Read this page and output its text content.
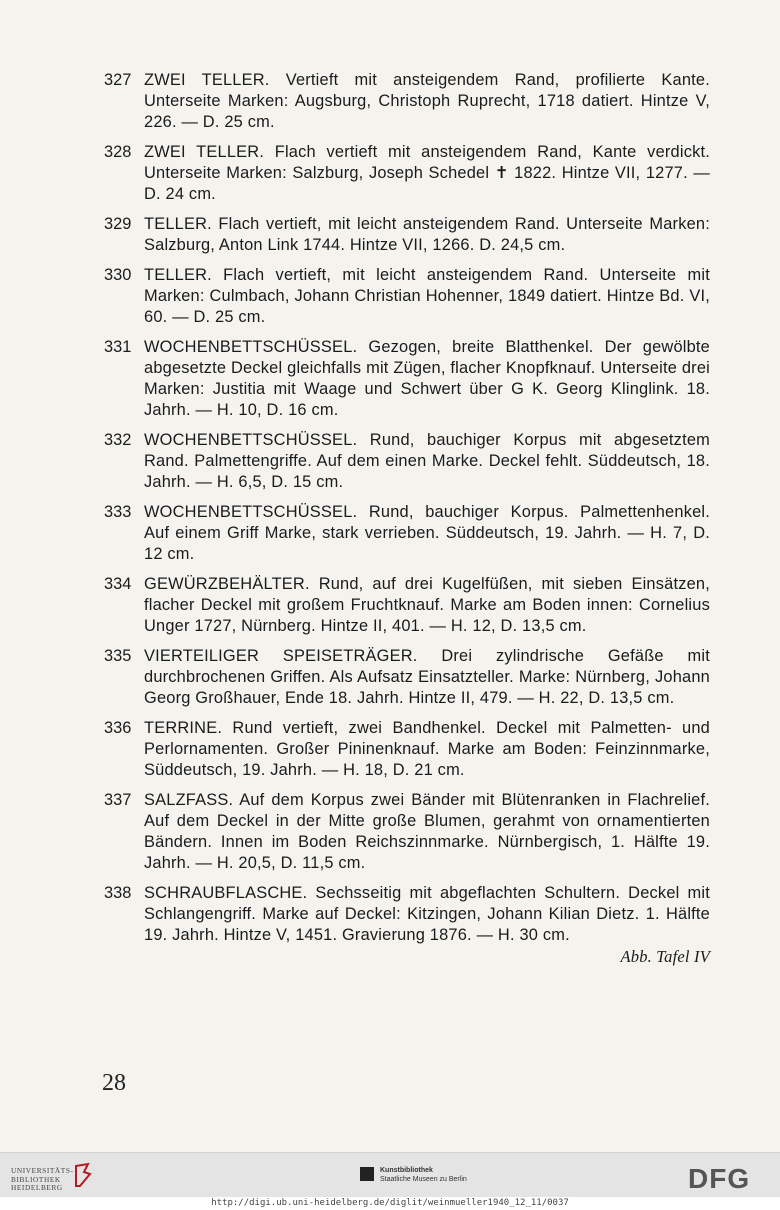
327 ZWEI TELLER. Vertieft mit ansteigendem Rand, profilierte Kante. Unterseite Marken: Augsburg, Christoph Ruprecht, 1718 datiert. Hintze V, 226. — D. 25 cm.
328 ZWEI TELLER. Flach vertieft mit ansteigendem Rand, Kante verdickt. Unterseite Marken: Salzburg, Joseph Schedel ✝ 1822. Hintze VII, 1277. — D. 24 cm.
329 TELLER. Flach vertieft, mit leicht ansteigendem Rand. Unterseite Marken: Salzburg, Anton Link 1744. Hintze VII, 1266. D. 24,5 cm.
330 TELLER. Flach vertieft, mit leicht ansteigendem Rand. Unterseite mit Marken: Culmbach, Johann Christian Hohenner, 1849 datiert. Hintze Bd. VI, 60. — D. 25 cm.
331 WOCHENBETTSCHÜSSEL. Gezogen, breite Blatthenkel. Der gewölbte abgesetzte Deckel gleichfalls mit Zügen, flacher Knopfknauf. Unterseite drei Marken: Justitia mit Waage und Schwert über G K. Georg Klinglink. 18. Jahrh. — H. 10, D. 16 cm.
332 WOCHENBETTSCHÜSSEL. Rund, bauchiger Korpus mit abgesetztem Rand. Palmettengriffe. Auf dem einen Marke. Deckel fehlt. Süddeutsch, 18. Jahrh. — H. 6,5, D. 15 cm.
333 WOCHENBETTSCHÜSSEL. Rund, bauchiger Korpus. Palmettenhenkel. Auf einem Griff Marke, stark verrieben. Süddeutsch, 19. Jahrh. — H. 7, D. 12 cm.
334 GEWÜRZBEHÄLTER. Rund, auf drei Kugelfüßen, mit sieben Einsätzen, flacher Deckel mit großem Fruchtknauf. Marke am Boden innen: Cornelius Unger 1727, Nürnberg. Hintze II, 401. — H. 12, D. 13,5 cm.
335 VIERTEILIGER SPEISETRÄGER. Drei zylindrische Gefäße mit durchbrochenen Griffen. Als Aufsatz Einsatzteller. Marke: Nürnberg, Johann Georg Großhauer, Ende 18. Jahrh. Hintze II, 479. — H. 22, D. 13,5 cm.
336 TERRINE. Rund vertieft, zwei Bandhenkel. Deckel mit Palmetten- und Perlornamenten. Großer Pininenknauf. Marke am Boden: Feinzinnmarke, Süddeutsch, 19. Jahrh. — H. 18, D. 21 cm.
337 SALZFASS. Auf dem Korpus zwei Bänder mit Blütenranken in Flachrelief. Auf dem Deckel in der Mitte große Blumen, gerahmt von ornamentierten Bändern. Innen im Boden Reichszinnmarke. Nürnbergisch, 1. Hälfte 19. Jahrh. — H. 20,5, D. 11,5 cm.
338 SCHRAUBFLASCHE. Sechsseitig mit abgeflachten Schultern. Deckel mit Schlangengriff. Marke auf Deckel: Kitzingen, Johann Kilian Dietz. 1. Hälfte 19. Jahrh. Hintze V, 1451. Gravierung 1876. — H. 30 cm.
Abb. Tafel IV
28
UNIVERSITÄTS-
BIBLIOTHEK
HEIDELBERG
Kunstbibliothek
Staatliche Museen zu Berlin	DFG
http://digi.ub.uni-heidelberg.de/diglit/weinmueller1940_12_11/0037
